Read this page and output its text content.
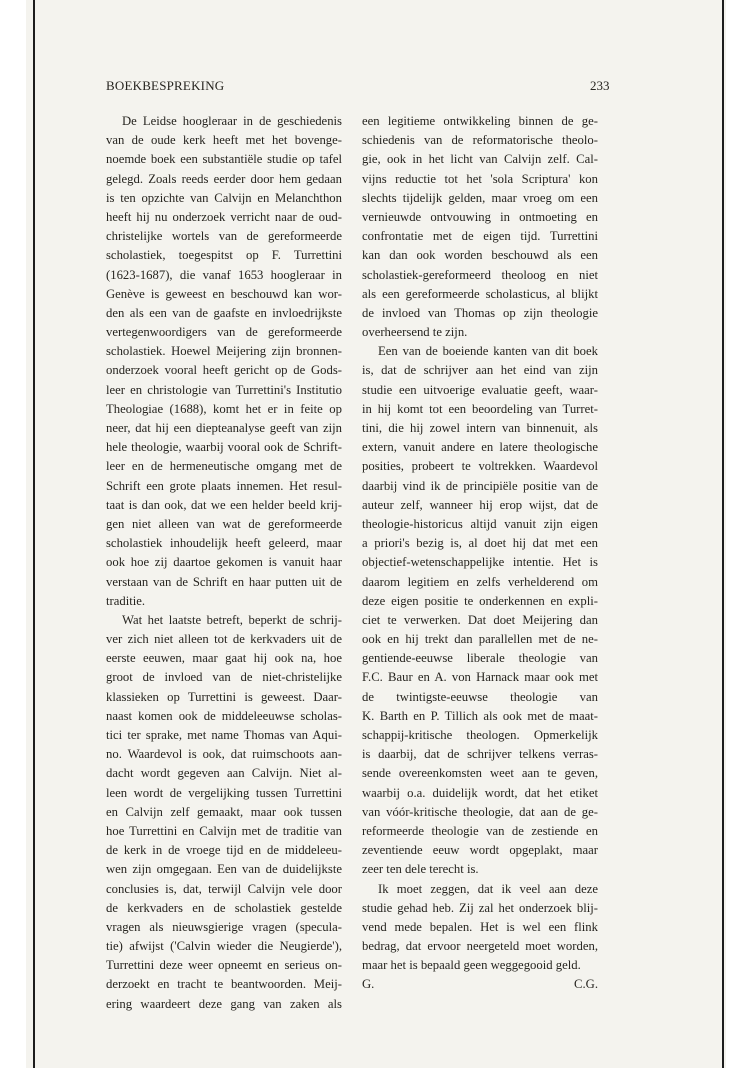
BOEKBESPREKING	233
De Leidse hoogleraar in de geschiedenis
van de oude kerk heeft met het bovenge-
noemde boek een substantiële studie op tafel
gelegd. Zoals reeds eerder door hem gedaan
is ten opzichte van Calvijn en Melanchthon
heeft hij nu onderzoek verricht naar de oud-
christelijke wortels van de gereformeerde
scholastiek, toegespitst op F. Turrettini
(1623-1687), die vanaf 1653 hoogleraar in
Genève is geweest en beschouwd kan wor-
den als een van de gaafste en invloedrijkste
vertegenwoordigers van de gereformeerde
scholastiek. Hoewel Meijering zijn bronnen-
onderzoek vooral heeft gericht op de Gods-
leer en christologie van Turrettini's Institutio
Theologiae (1688), komt het er in feite op
neer, dat hij een diepteanalyse geeft van zijn
hele theologie, waarbij vooral ook de Schrift-
leer en de hermeneutische omgang met de
Schrift een grote plaats innemen. Het resul-
taat is dan ook, dat we een helder beeld krij-
gen niet alleen van wat de gereformeerde
scholastiek inhoudelijk heeft geleerd, maar
ook hoe zij daartoe gekomen is vanuit haar
verstaan van de Schrift en haar putten uit de
traditie.
Wat het laatste betreft, beperkt de schrij-
ver zich niet alleen tot de kerkvaders uit de
eerste eeuwen, maar gaat hij ook na, hoe
groot de invloed van de niet-christelijke
klassieken op Turrettini is geweest. Daar-
naast komen ook de middeleeuwse scholas-
tici ter sprake, met name Thomas van Aqui-
no. Waardevol is ook, dat ruimschoots aan-
dacht wordt gegeven aan Calvijn. Niet al-
leen wordt de vergelijking tussen Turrettini
en Calvijn zelf gemaakt, maar ook tussen
hoe Turrettini en Calvijn met de traditie van
de kerk in de vroege tijd en de middeleeu-
wen zijn omgegaan. Een van de duidelijkste
conclusies is, dat, terwijl Calvijn vele door
de kerkvaders en de scholastiek gestelde
vragen als nieuwsgierige vragen (specula-
tie) afwijst ('Calvin wieder die Neugierde'),
Turrettini deze weer opneemt en serieus on-
derzoekt en tracht te beantwoorden. Meij-
ering waardeert deze gang van zaken als
een legitieme ontwikkeling binnen de ge-
schiedenis van de reformatorische theolo-
gie, ook in het licht van Calvijn zelf. Cal-
vijns reductie tot het 'sola Scriptura' kon
slechts tijdelijk gelden, maar vroeg om een
vernieuwde ontvouwing in ontmoeting en
confrontatie met de eigen tijd. Turrettini
kan dan ook worden beschouwd als een
scholastiek-gereformeerd theoloog en niet
als een gereformeerde scholasticus, al blijkt
de invloed van Thomas op zijn theologie
overheersend te zijn.
Een van de boeiende kanten van dit boek
is, dat de schrijver aan het eind van zijn
studie een uitvoerige evaluatie geeft, waar-
in hij komt tot een beoordeling van Turret-
tini, die hij zowel intern van binnenuit, als
extern, vanuit andere en latere theologische
posities, probeert te voltrekken. Waardevol
daarbij vind ik de principiële positie van de
auteur zelf, wanneer hij erop wijst, dat de
theologie-historicus altijd vanuit zijn eigen
a priori's bezig is, al doet hij dat met een
objectief-wetenschappelijke intentie. Het is
daarom legitiem en zelfs verhelderend om
deze eigen positie te onderkennen en expli-
ciet te verwerken. Dat doet Meijering dan
ook en hij trekt dan parallellen met de ne-
gentiende-eeuwse liberale theologie van
F.C. Baur en A. von Harnack maar ook met
de twintigste-eeuwse theologie van
K. Barth en P. Tillich als ook met de maat-
schappij-kritische theologen. Opmerkelijk
is daarbij, dat de schrijver telkens verras-
sende overeenkomsten weet aan te geven,
waarbij o.a. duidelijk wordt, dat het etiket
van vóór-kritische theologie, dat aan de ge-
reformeerde theologie van de zestiende en
zeventiende eeuw wordt opgeplakt, maar
zeer ten dele terecht is.
Ik moet zeggen, dat ik veel aan deze
studie gehad heb. Zij zal het onderzoek blij-
vend mede bepalen. Het is wel een flink
bedrag, dat ervoor neergeteld moet worden,
maar het is bepaald geen weggegooid geld.
G.	C.G.
